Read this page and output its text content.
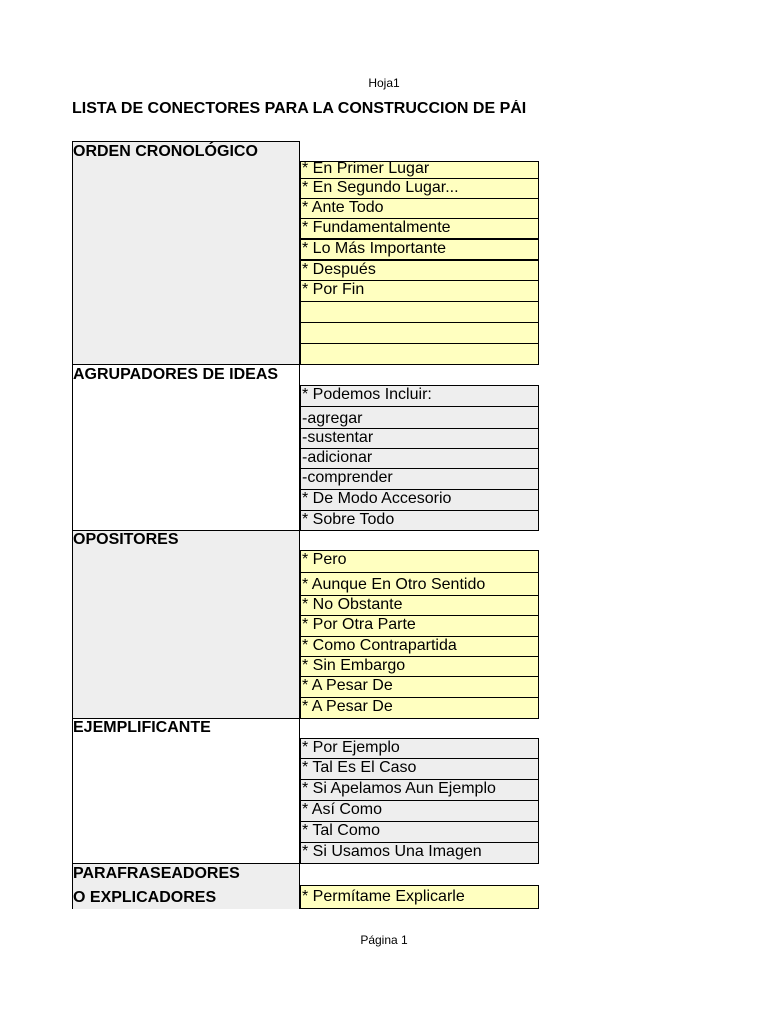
Hoja1
LISTA DE CONECTORES PARA LA CONSTRUCCION DE PÁI
ORDEN CRONOLÓGICO
* En Primer Lugar
* En Segundo Lugar...
* Ante Todo
* Fundamentalmente
* Lo Más Importante
* Después
* Por Fin
AGRUPADORES DE IDEAS
* Podemos Incluir:
-agregar
-sustentar
-adicionar
-comprender
* De Modo Accesorio
* Sobre Todo
OPOSITORES
* Pero
* Aunque En Otro Sentido
* No Obstante
* Por Otra Parte
* Como Contrapartida
* Sin Embargo
* A Pesar De
* A Pesar De
EJEMPLIFICANTE
* Por Ejemplo
* Tal Es El Caso
* Si Apelamos Aun Ejemplo
* Así Como
* Tal Como
* Si Usamos Una Imagen
PARAFRASEADORES
O EXPLICADORES	* Permítame Explicarle
Página 1
